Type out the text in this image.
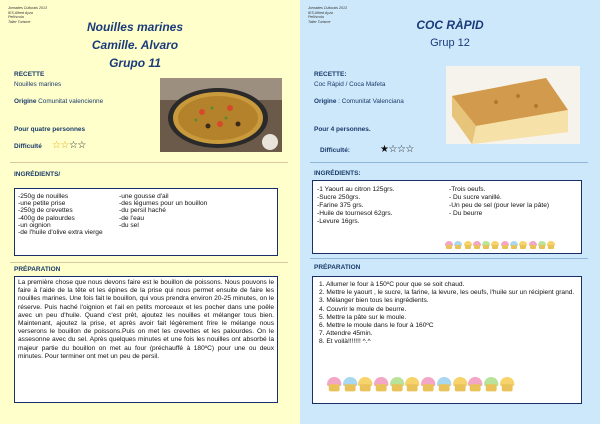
Jornades Culturals 2013
IES Alfred Ayza
Peñíscola
Taller Turisme	Nouilles marines
Camille. Alvaro
Grupo 11
RECETTE
Nouilles marines
Origine Comunitat valencienne
Pour quatre personnes
Difficulté ☆☆☆☆
INGRÉDIENTS/
-250g de nouilles
-une petite prise
-250g de crevettes
-400g de palourdes
-un oignion
-de l'huile d'olive extra vierge
-une gousse d'ail
-des légumes pour un bouillon
-du persil haché
-de l'eau
-du sel
PRÉPARATION
La première chose que nous devons faire est le bouillon de poissons. Nous pouvons le faire à l'aide de la tête et les épines de la prise qui nous permet ensuite de faire les nouilles marines. Une fois fait le bouillon, qui vous prendra environ 20-25 minutes, on le réserve. Puis haché l'oignion et l'ail en petits morceaux et les pocher dans une poêle avec un peu d'huile. Quand c'est prêt, ajoutez les nouilles et mélanger tous bien. Maintenant, ajoutez la prise, et après avoir fait légèrement frire le mélange nous verserons le bouillon de poissons.Puis on met les crevettes et les palourdes. On le assesonne avec du sel. Après quelques minutes et une fois les nouilles ont absorbé la majeur partie du bouillon on met au four (préchauffé à 180ºC) pour une ou deux minutes. Pour terminer ont met un peu de persil.
Jornades Culturals 2013
IES Alfred Ayza
Peñíscola
Taller Turisme	COC RÀPID
Grup 12
RECETTE:
Coc Ràpid / Coca Mafeta
Origine : Comunitat Valenciana
Pour 4 personnes.
Difficulté:	★☆☆☆
INGRÉDIENTS:
-1 Yaourt au citron 125grs.
-Sucre 250grs.
-Farine 375 grs.
-Huile de tournesol 62grs.
-Levure 16grs.
-Trois oeufs.
- Du sucre vanillé.
-Un peu de sel (pour lever la pâte)
- Du beurre
PRÉPARATION
1. Allumer le four à 150ºC pour que se soit chaud.
2. Mettre le yaourt , le sucre, la farine, la levure, les oeufs, l'huile sur un récipient grand.
3. Mélanger bien tous les ingrédients.
4. Couvrir le moule de beurre.
5. Mettre la pâte sur le moule.
6. Mettre le moule dans le four à 160ºC
7. Attendre 45min.
8. Et voilà!!!!!!! ^.^
